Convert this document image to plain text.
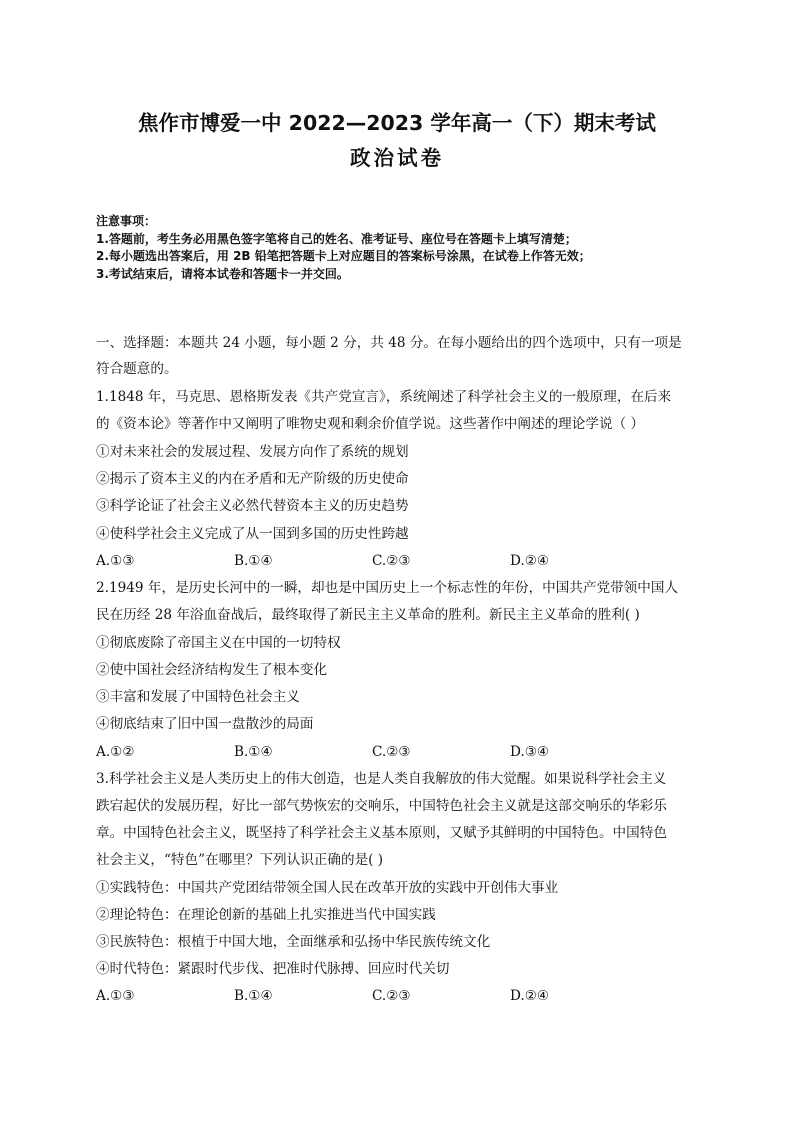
焦作市博爱一中 2022—2023 学年高一（下）期末考试
政治试卷
注意事项：
1.答题前，考生务必用黑色签字笔将自己的姓名、准考证号、座位号在答题卡上填写清楚；
2.每小题选出答案后，用 2B 铅笔把答题卡上对应题目的答案标号涂黑，在试卷上作答无效；
3.考试结束后，请将本试卷和答题卡一并交回。
一、选择题：本题共 24 小题，每小题 2 分，共 48 分。在每小题给出的四个选项中，只有一项是
符合题意的。
1.1848 年，马克思、恩格斯发表《共产党宣言》，系统阐述了科学社会主义的一般原理，在后来
的《资本论》等著作中又阐明了唯物史观和剩余价值学说。这些著作中阐述的理论学说（ ）
①对未来社会的发展过程、发展方向作了系统的规划
②揭示了资本主义的内在矛盾和无产阶级的历史使命
③科学论证了社会主义必然代替资本主义的历史趋势
④使科学社会主义完成了从一国到多国的历史性跨越
A.①③	B.①④	C.②③	D.②④
2.1949 年，是历史长河中的一瞬，却也是中国历史上一个标志性的年份，中国共产党带领中国人
民在历经 28 年浴血奋战后，最终取得了新民主主义革命的胜利。新民主主义革命的胜利( )
①彻底废除了帝国主义在中国的一切特权
②使中国社会经济结构发生了根本变化
③丰富和发展了中国特色社会主义
④彻底结束了旧中国一盘散沙的局面
A.①②	B.①④	C.②③	D.③④
3.科学社会主义是人类历史上的伟大创造，也是人类自我解放的伟大觉醒。如果说科学社会主义
跌宕起伏的发展历程，好比一部气势恢宏的交响乐，中国特色社会主义就是这部交响乐的华彩乐
章。中国特色社会主义，既坚持了科学社会主义基本原则，又赋予其鲜明的中国特色。中国特色
社会主义，“特色”在哪里？下列认识正确的是( )
①实践特色：中国共产党团结带领全国人民在改革开放的实践中开创伟大事业
②理论特色：在理论创新的基础上扎实推进当代中国实践
③民族特色：根植于中国大地，全面继承和弘扬中华民族传统文化
④时代特色：紧跟时代步伐、把准时代脉搏、回应时代关切
A.①③	B.①④	C.②③	D.②④
